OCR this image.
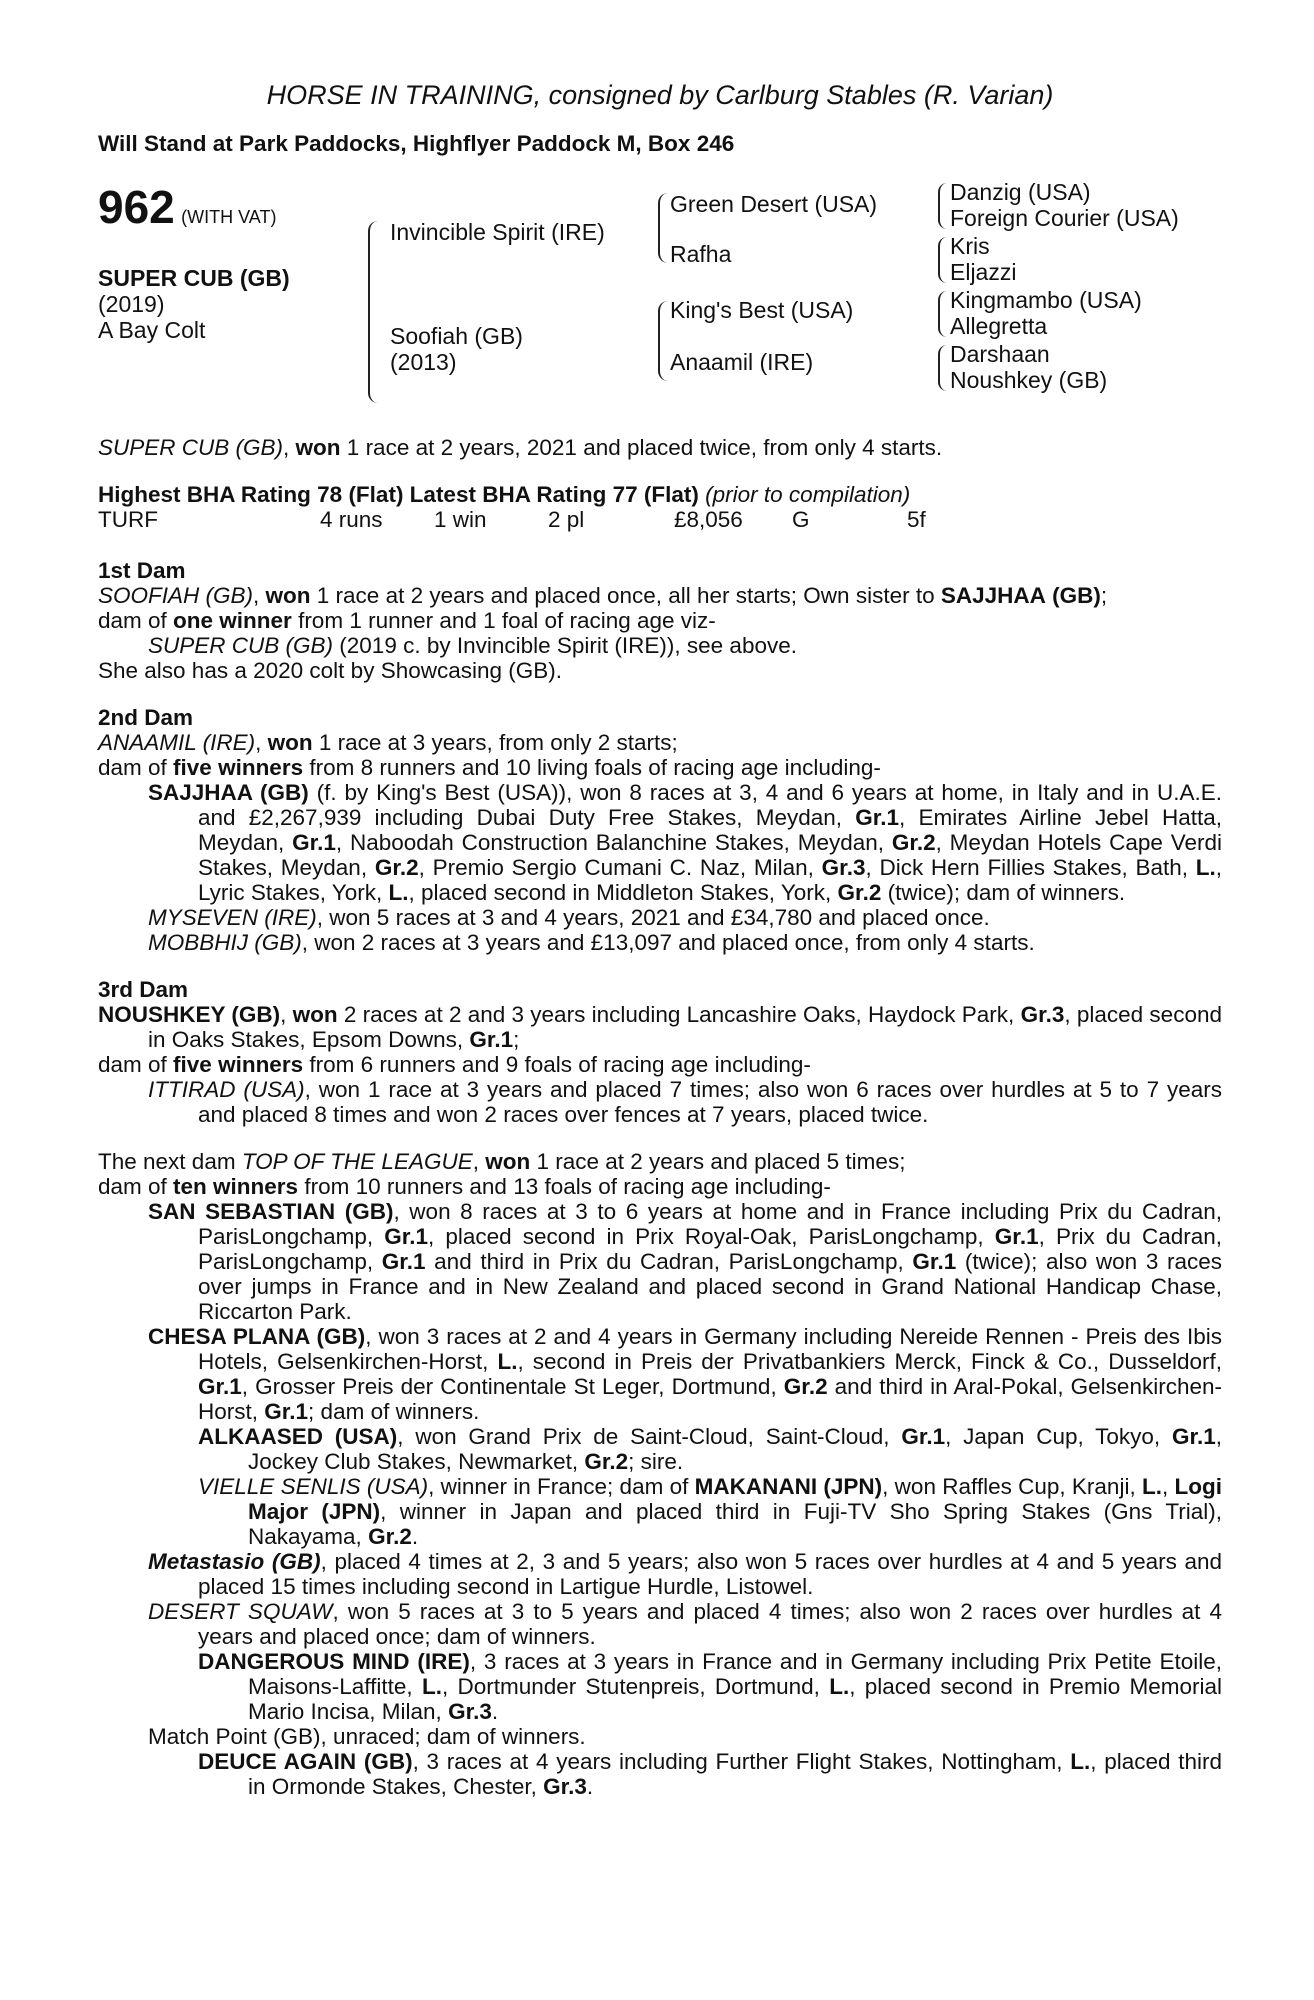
HORSE IN TRAINING, consigned by Carlburg Stables (R. Varian)
Will Stand at Park Paddocks, Highflyer Paddock M, Box 246
962 (WITH VAT)
SUPER CUB (GB)
(2019)
A Bay Colt
Invincible Spirit (IRE)
Soofiah (GB)
(2013)
Green Desert (USA)
Rafha
King's Best (USA)
Anaamil (IRE)
Danzig (USA)
Foreign Courier (USA)
Kris
Eljazzi
Kingmambo (USA)
Allegretta
Darshaan
Noushkey (GB)

SUPER CUB (GB), won 1 race at 2 years, 2021 and placed twice, from only 4 starts.

Highest BHA Rating 78 (Flat) Latest BHA Rating 77 (Flat) (prior to compilation)

TURF	4 runs	1 win	2 pl	£8,056	G	5f

1st Dam

SOOFIAH (GB), won 1 race at 2 years and placed once, all her starts; Own sister to SAJJHAA (GB);

dam of one winner from 1 runner and 1 foal of racing age viz-

SUPER CUB (GB) (2019 c. by Invincible Spirit (IRE)), see above.

She also has a 2020 colt by Showcasing (GB).

2nd Dam

ANAAMIL (IRE), won 1 race at 3 years, from only 2 starts;

dam of five winners from 8 runners and 10 living foals of racing age including-

SAJJHAA (GB) (f. by King's Best (USA)), won 8 races at 3, 4 and 6 years at home, in Italy and in U.A.E. and £2,267,939 including Dubai Duty Free Stakes, Meydan, Gr.1, Emirates Airline Jebel Hatta, Meydan, Gr.1, Naboodah Construction Balanchine Stakes, Meydan, Gr.2, Meydan Hotels Cape Verdi Stakes, Meydan, Gr.2, Premio Sergio Cumani C. Naz, Milan, Gr.3, Dick Hern Fillies Stakes, Bath, L., Lyric Stakes, York, L., placed second in Middleton Stakes, York, Gr.2 (twice); dam of winners.

MYSEVEN (IRE), won 5 races at 3 and 4 years, 2021 and £34,780 and placed once.

MOBBHIJ (GB), won 2 races at 3 years and £13,097 and placed once, from only 4 starts.

3rd Dam

NOUSHKEY (GB), won 2 races at 2 and 3 years including Lancashire Oaks, Haydock Park, Gr.3, placed second in Oaks Stakes, Epsom Downs, Gr.1;

dam of five winners from 6 runners and 9 foals of racing age including-

ITTIRAD (USA), won 1 race at 3 years and placed 7 times; also won 6 races over hurdles at 5 to 7 years and placed 8 times and won 2 races over fences at 7 years, placed twice.

The next dam TOP OF THE LEAGUE, won 1 race at 2 years and placed 5 times;

dam of ten winners from 10 runners and 13 foals of racing age including-

SAN SEBASTIAN (GB), won 8 races at 3 to 6 years at home and in France including Prix du Cadran, ParisLongchamp, Gr.1, placed second in Prix Royal-Oak, ParisLongchamp, Gr.1, Prix du Cadran, ParisLongchamp, Gr.1 and third in Prix du Cadran, ParisLongchamp, Gr.1 (twice); also won 3 races over jumps in France and in New Zealand and placed second in Grand National Handicap Chase, Riccarton Park.

CHESA PLANA (GB), won 3 races at 2 and 4 years in Germany including Nereide Rennen - Preis des Ibis Hotels, Gelsenkirchen-Horst, L., second in Preis der Privatbankiers Merck, Finck & Co., Dusseldorf, Gr.1, Grosser Preis der Continentale St Leger, Dortmund, Gr.2 and third in Aral-Pokal, Gelsenkirchen-Horst, Gr.1; dam of winners.

ALKAASED (USA), won Grand Prix de Saint-Cloud, Saint-Cloud, Gr.1, Japan Cup, Tokyo, Gr.1, Jockey Club Stakes, Newmarket, Gr.2; sire.

VIELLE SENLIS (USA), winner in France; dam of MAKANANI (JPN), won Raffles Cup, Kranji, L., Logi Major (JPN), winner in Japan and placed third in Fuji-TV Sho Spring Stakes (Gns Trial), Nakayama, Gr.2.

Metastasio (GB), placed 4 times at 2, 3 and 5 years; also won 5 races over hurdles at 4 and 5 years and placed 15 times including second in Lartigue Hurdle, Listowel.

DESERT SQUAW, won 5 races at 3 to 5 years and placed 4 times; also won 2 races over hurdles at 4 years and placed once; dam of winners.

DANGEROUS MIND (IRE), 3 races at 3 years in France and in Germany including Prix Petite Etoile, Maisons-Laffitte, L., Dortmunder Stutenpreis, Dortmund, L., placed second in Premio Memorial Mario Incisa, Milan, Gr.3.

Match Point (GB), unraced; dam of winners.

DEUCE AGAIN (GB), 3 races at 4 years including Further Flight Stakes, Nottingham, L., placed third in Ormonde Stakes, Chester, Gr.3.
